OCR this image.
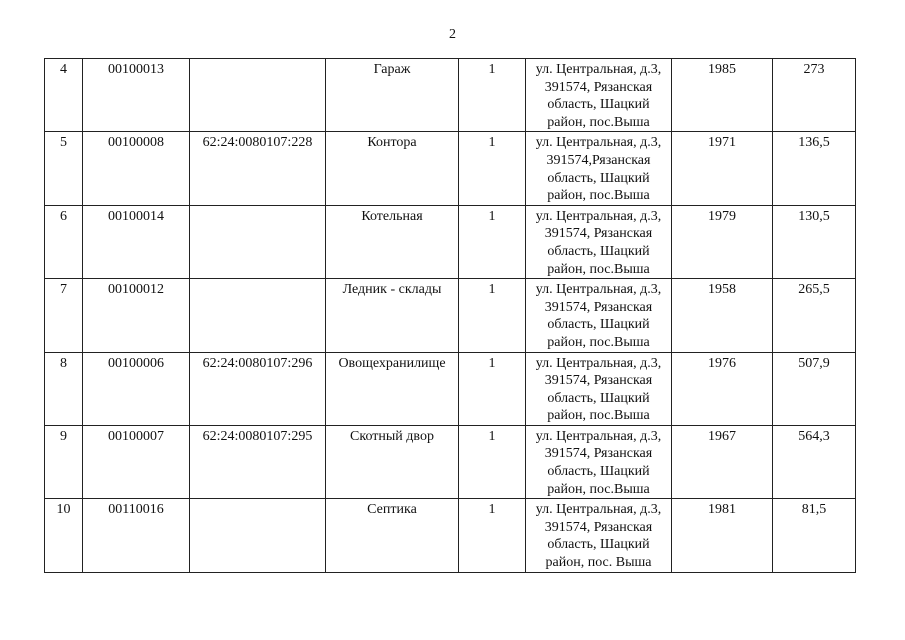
2
4	00100013		Гараж	1	ул. Центральная, д.3,
391574, Рязанская
область, Шацкий
район, пос.Выша	1985	273
5	00100008	62:24:0080107:228	Контора	1	ул. Центральная, д.3,
391574,Рязанская
область, Шацкий
район, пос.Выша	1971	136,5
6	00100014		Котельная	1	ул. Центральная, д.3,
391574, Рязанская
область, Шацкий
район, пос.Выша	1979	130,5
7	00100012		Ледник - склады	1	ул. Центральная, д.3,
391574, Рязанская
область, Шацкий
район, пос.Выша	1958	265,5
8	00100006	62:24:0080107:296	Овощехранилище	1	ул. Центральная, д.3,
391574, Рязанская
область, Шацкий
район, пос.Выша	1976	507,9
9	00100007	62:24:0080107:295	Скотный двор	1	ул. Центральная, д.3,
391574, Рязанская
область, Шацкий
район, пос.Выша	1967	564,3
10	00110016		Септика	1	ул. Центральная, д.3,
391574, Рязанская
область, Шацкий
район, пос. Выша	1981	81,5
